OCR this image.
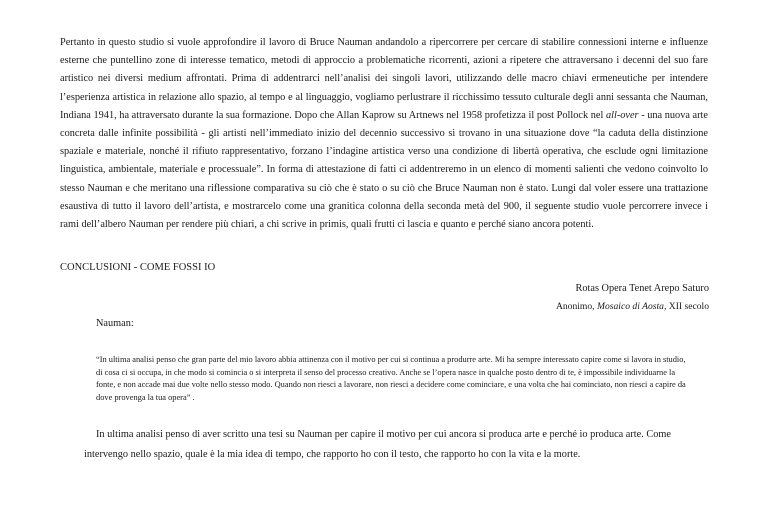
Pertanto in questo studio si vuole approfondire il lavoro di Bruce Nauman andandolo a ripercorrere per cercare di stabilire connessioni interne e influenze esterne che puntellino zone di interesse tematico, metodi di approccio a problematiche ricorrenti, azioni a ripetere che attraversano i decenni del suo fare artistico nei diversi medium affrontati. Prima di addentrarci nell’analisi dei singoli lavori, utilizzando delle macro chiavi ermeneutiche per intendere l’esperienza artistica in relazione allo spazio, al tempo e al linguaggio, vogliamo perlustrare il ricchissimo tessuto culturale degli anni sessanta che Nauman, Indiana 1941, ha attraversato durante la sua formazione. Dopo che Allan Kaprow su Artnews nel 1958 profetizza il post Pollock nel all-over - una nuova arte concreta dalle infinite possibilità - gli artisti nell’immediato inizio del decennio successivo si trovano in una situazione dove “la caduta della distinzione spaziale e materiale, nonché il rifiuto rappresentativo, forzano l’indagine artistica verso una condizione di libertà operativa, che esclude ogni limitazione linguistica, ambientale, materiale e processuale”. In forma di attestazione di fatti ci addentreremo in un elenco di momenti salienti che vedono coinvolto lo stesso Nauman e che meritano una riflessione comparativa su ciò che è stato o su ciò che Bruce Nauman non è stato. Lungi dal voler essere una trattazione esaustiva di tutto il lavoro dell’artista, e mostrarcelo come una granitica colonna della seconda metà del 900, il seguente studio vuole percorrere invece i rami dell’albero Nauman per rendere più chiari, a chi scrive in primis, quali frutti ci lascia e quanto e perché siano ancora potenti.

CONCLUSIONI - COME FOSSI IO

Rotas Opera Tenet Arepo Saturo

Anonimo, Mosaico di Aosta, XII secolo

Nauman:

“In ultima analisi penso che gran parte del mio lavoro abbia attinenza con il motivo per cui si continua a produrre arte. Mi ha sempre interessato capire come si lavora in studio, di cosa ci si occupa, in che modo si comincia o si interpreta il senso del processo creativo. Anche se l’opera nasce in qualche posto dentro di te, è impossibile individuarne la fonte, e non accade mai due volte nello stesso modo. Quando non riesci a lavorare, non riesci a decidere come cominciare, e una volta che hai cominciato, non riesci a capire da dove provenga la tua opera” .

In ultima analisi penso di aver scritto una tesi su Nauman per capire il motivo per cui ancora si produca arte e perché io produca arte. Come intervengo nello spazio, quale è la mia idea di tempo, che rapporto ho con il testo, che rapporto ho con la vita e la morte.
